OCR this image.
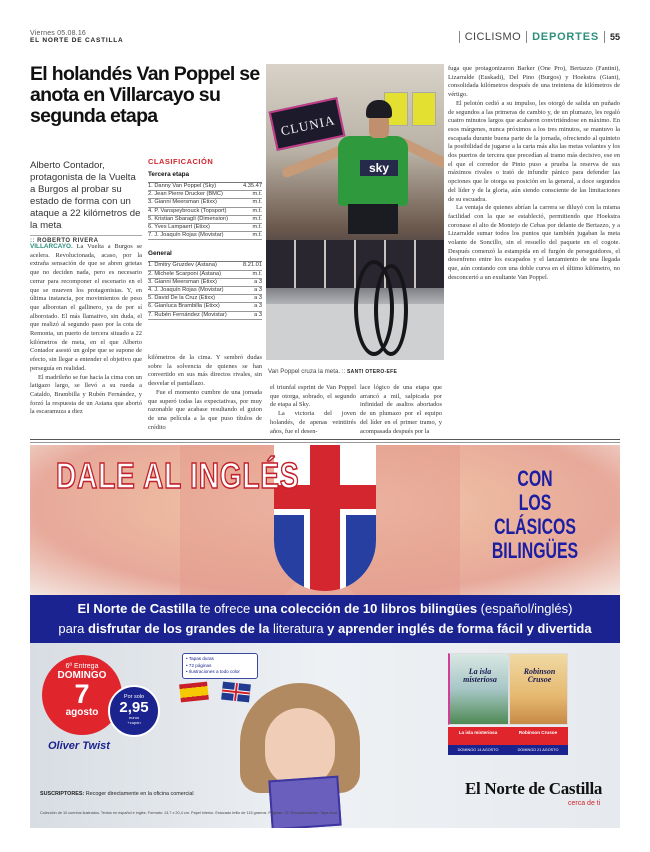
Viernes 05.08.16
EL NORTE DE CASTILLA	CICLISMO DEPORTES 55
El holandés Van Poppel se anota en Villarcayo su segunda etapa
Alberto Contador, protagonista de la Vuelta a Burgos al probar su estado de forma con un ataque a 22 kilómetros de la meta
:: ROBERTO RIVERA

VILLARCAYO. La Vuelta a Burgos se acelera. Revolucionada, acaso, por la extraña sensación de que se abren grietas que no deciden nada, pero es necesario cerrar para recomponer el escenario en el que se mueven los protagonistas. Y, en última instancia, por movimientos de peso que alborotan el gallinero, ya de por sí alborotado. El más llamativo, sin duda, el que realizó al segundo paso por la cota de Remonta, un puerto de tercera situado a 22 kilómetros de meta, en el que Alberto Contador asestó un golpe que se supone de efecto, sin llegar a entender el objetivo que perseguía en realidad.

El madrileño se fue hacia la cima con un latigazo largo, se llevó a su rueda a Cataldo, Brambilla y Rubén Fernández, y forzó la respuesta de un Astana que abortó la escaramuza a diez

CLASIFICACIÓN
Tercera etapa
1. Danny Van Poppel (Sky)	4.35.47
2. Jean Pierre Drucker (BMC)	m.t.
3. Gianni Meersman (Etixx)	m.t.
4. P. Vanspeybrouck (Topsport)	m.t.
5. Kristian Sbaragli (Dimension)	m.t.
6. Yves Lampaert (Etixx)	m.t.
7. J. Joaquín Rojas (Movistar)	m.t.
General
1. Dmitry Gruzdev (Astana)	8.21.01
2. Michele Scarponi (Astana)	m.t.
3. Gianni Meersman (Etixx)	a 3
4. J. Joaquín Rojas (Movistar)	a 3
5. David De la Cruz (Etixx)	a 3
6. Gianluca Brambilla (Etixx)	a 3
7. Rubén Fernández (Movistar)	a 3

kilómetros de la cima. Y sembró dudas sobre la solvencia de quienes se han convertido en sus más directos rivales, sin desvelar el pantallazo.

Fue el momento cumbre de una jornada que superó todas las expectativas, por muy razonable que acabase resultando el guion de una película a la que puso títulos de crédito

CLUNIA
sky
Van Poppel cruza la meta. :: SANTI OTERO-EFE

el triunfal esprint de Van Poppel que otorga, sobrado, el segundo de etapa al Sky.

La victoria del joven holandés, de apenas veintitrés años, fue el desen-

lace lógico de una etapa que arrancó a mil, salpicada por infinidad de asaltos abortados de un plumazo por el equipo del líder en el primer tramo, y acompasada después por la

fuga que protagonizaron Barker (One Pro), Bertazzo (Fantini), Lizarralde (Euskadi), Del Pino (Burgos) y Hoekstra (Giant), consolidada kilómetros después de una treintena de kilómetros de vértigo.

El pelotón cedió a su impulso, les otorgó de salida un puñado de segundos a las primeras de cambio y, de un plumazo, les regaló cuatro minutos largos que acabaron convirtiéndose en máximo. En esos márgenes, nunca próximos a los tres minutos, se mantuvo la escapada durante buena parte de la jornada, ofreciendo al quinteto la posibilidad de jugarse a la carta más alta las metas volantes y los dos puertos de tercera que precedían al tramo más decisivo, ese en el que el corredor de Pinto puso a prueba la reserva de sus máximos rivales o trató de infundir pánico para defender las opciones que le otorga su posición en la general, a doce segundos del líder y de la gloria, aún siendo consciente de las limitaciones de su escuadra.

La ventaja de quienes abrían la carrera se diluyó con la misma facilidad con la que se estableció, permitiendo que Hoekstra coronase el alto de Montejo de Cebas por delante de Bertazzo, y a Lizarralde sumar todos los puntos que también jugaban la meta volante de Soncillo, sin el resuello del paquete en el cogote. Después comenzó la estampida en el furgón de perseguidores, el desenfreno entre los escapados y el lanzamiento de una llegada que, aún contando con una doble curva en el último kilómetro, no desconcertó a un exultante Van Poppel.

DALE AL INGLÉS	CON
LOS CLÁSICOS
BILINGÜES
El Norte de Castilla te ofrece una colección de 10 libros bilingües (español/inglés)
para disfrutar de los grandes de la literatura y aprender inglés de forma fácil y divertida
6ª Entrega
DOMINGO
7
agosto
Por solo
2,95
euros
+cupón
Oliver Twist
• Tapas duras
• 72 páginas
• Ilustraciones a todo color	La isla misteriosa
Robinson Crusoe
La isla misteriosa	Robinson Crusoe
DOMINGO 14 AGOSTO	DOMINGO 21 AGOSTO
El Norte de Castilla
cerca de ti
SUSCRIPTORES: Recoger directamente en la oficina comercial
Colección de 10 cuentos ilustrados. Textos en español e inglés. Formato: 13,7 x 20,4 cm. Papel interior. Estucado brillo de 115 gramos. Páginas: 72. Encuadernación: Tapa dura.
